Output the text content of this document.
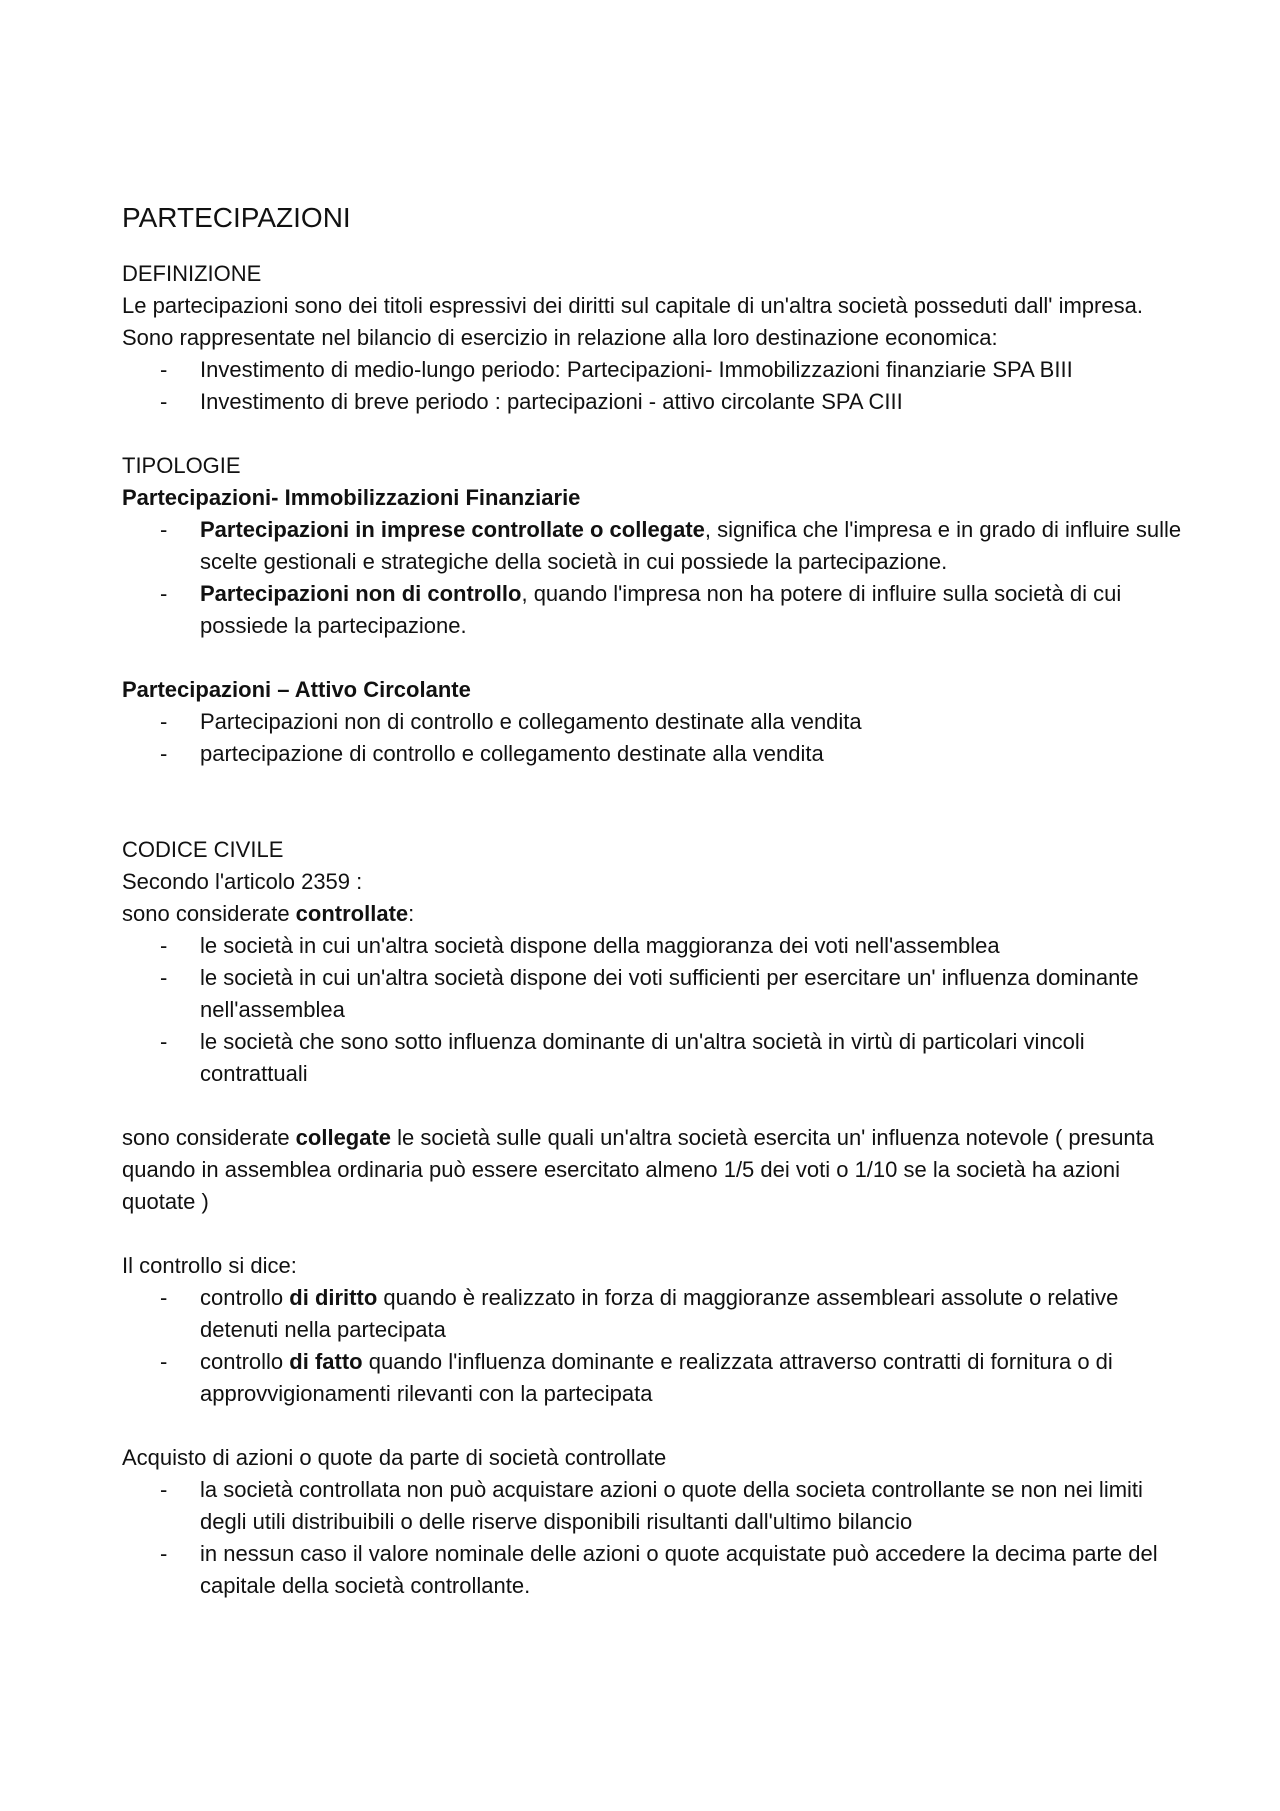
PARTECIPAZIONI

DEFINIZIONE

Le partecipazioni sono dei titoli espressivi dei diritti sul capitale di un'altra società posseduti dall' impresa.

Sono rappresentate nel bilancio di esercizio in relazione alla loro destinazione economica:

- Investimento di medio-lungo periodo: Partecipazioni- Immobilizzazioni finanziarie SPA BIII
- Investimento di breve periodo : partecipazioni - attivo circolante SPA CIII

TIPOLOGIE

Partecipazioni- Immobilizzazioni Finanziarie

- Partecipazioni in imprese controllate o collegate, significa che l'impresa e in grado di influire sulle scelte gestionali e strategiche della società in cui possiede la partecipazione.
- Partecipazioni non di controllo, quando l'impresa non ha potere di influire sulla società di cui possiede la partecipazione.

Partecipazioni – Attivo Circolante

- Partecipazioni non di controllo e collegamento destinate alla vendita
- partecipazione di controllo e collegamento destinate alla vendita

CODICE CIVILE

Secondo l'articolo 2359 :

sono considerate controllate:

- le società in cui un'altra società dispone della maggioranza dei voti nell'assemblea
- le società in cui un'altra società dispone dei voti sufficienti per esercitare un' influenza dominante nell'assemblea
- le società che sono sotto influenza dominante di un'altra società in virtù di particolari vincoli contrattuali

sono considerate collegate le società sulle quali un'altra società esercita un' influenza notevole ( presunta quando in assemblea ordinaria può essere esercitato almeno 1/5 dei voti o 1/10 se la società ha azioni quotate )

Il controllo si dice:

- controllo di diritto quando è realizzato in forza di maggioranze assembleari assolute o relative detenuti nella partecipata
- controllo di fatto quando l'influenza dominante e realizzata attraverso contratti di fornitura o di approvvigionamenti rilevanti con la partecipata

Acquisto di azioni o quote da parte di società controllate

- la società controllata non può acquistare azioni o quote della societa controllante se non nei limiti degli utili distribuibili o delle riserve disponibili risultanti dall'ultimo bilancio
- in nessun caso il valore nominale delle azioni o quote acquistate può accedere la decima parte del capitale della società controllante.
